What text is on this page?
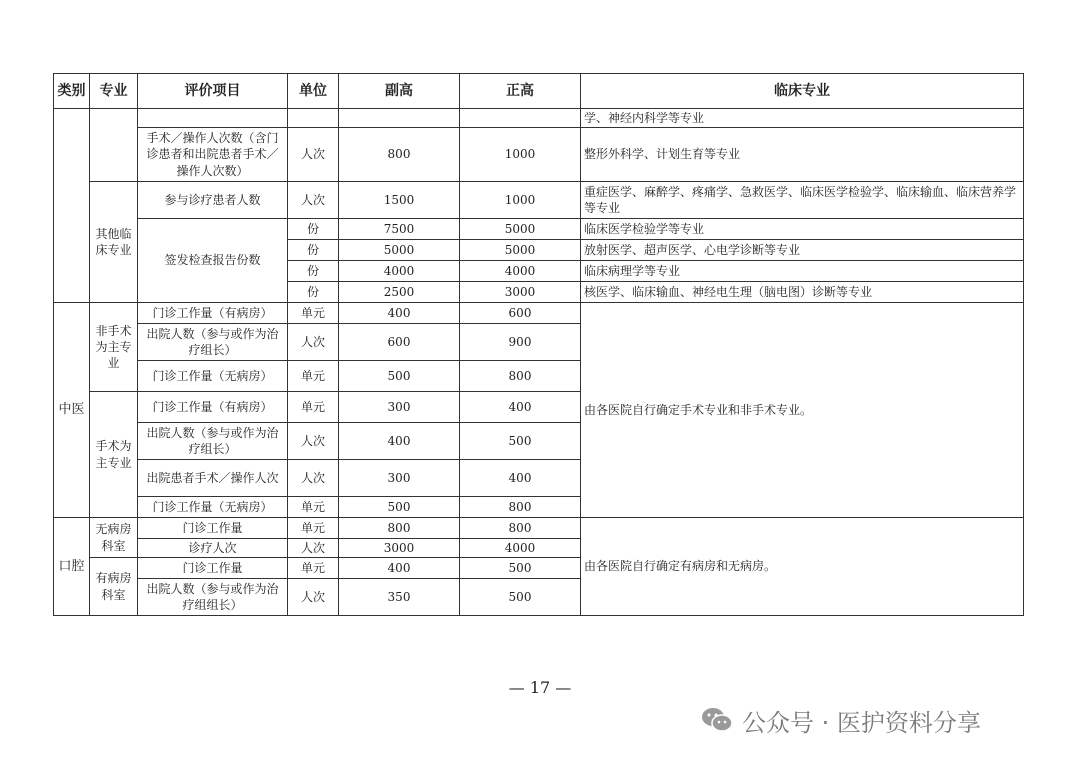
类别	专业	评价项目	单位	副高	正高	临床专业
						学、神经内科学等专业
		手术／操作人次数（含门诊患者和出院患者手术／操作人次数）	人次	800	1000	整形外科学、计划生育等专业
	其他临床专业	参与诊疗患者人数	人次	1500	1000	重症医学、麻醉学、疼痛学、急救医学、临床医学检验学、临床输血、临床营养学等专业
		签发检查报告份数	份	7500	5000	临床医学检验学等专业
			份	5000	5000	放射医学、超声医学、心电学诊断等专业
			份	4000	4000	临床病理学等专业
			份	2500	3000	核医学、临床输血、神经电生理（脑电图）诊断等专业
中医	非手术为主专业	门诊工作量（有病房）	单元	400	600	由各医院自行确定手术专业和非手术专业。
		出院人数（参与或作为治疗组长）	人次	600	900	
		门诊工作量（无病房）	单元	500	800	
	手术为主专业	门诊工作量（有病房）	单元	300	400	
		出院人数（参与或作为治疗组长）	人次	400	500	
		出院患者手术／操作人次	人次	300	400	
		门诊工作量（无病房）	单元	500	800	
口腔	无病房科室	门诊工作量	单元	800	800	由各医院自行确定有病房和无病房。
		诊疗人次	人次	3000	4000	
	有病房科室	门诊工作量	单元	400	500	
		出院人数（参与或作为治疗组组长）	人次	350	500	
— 17 —
公众号 · 医护资料分享
